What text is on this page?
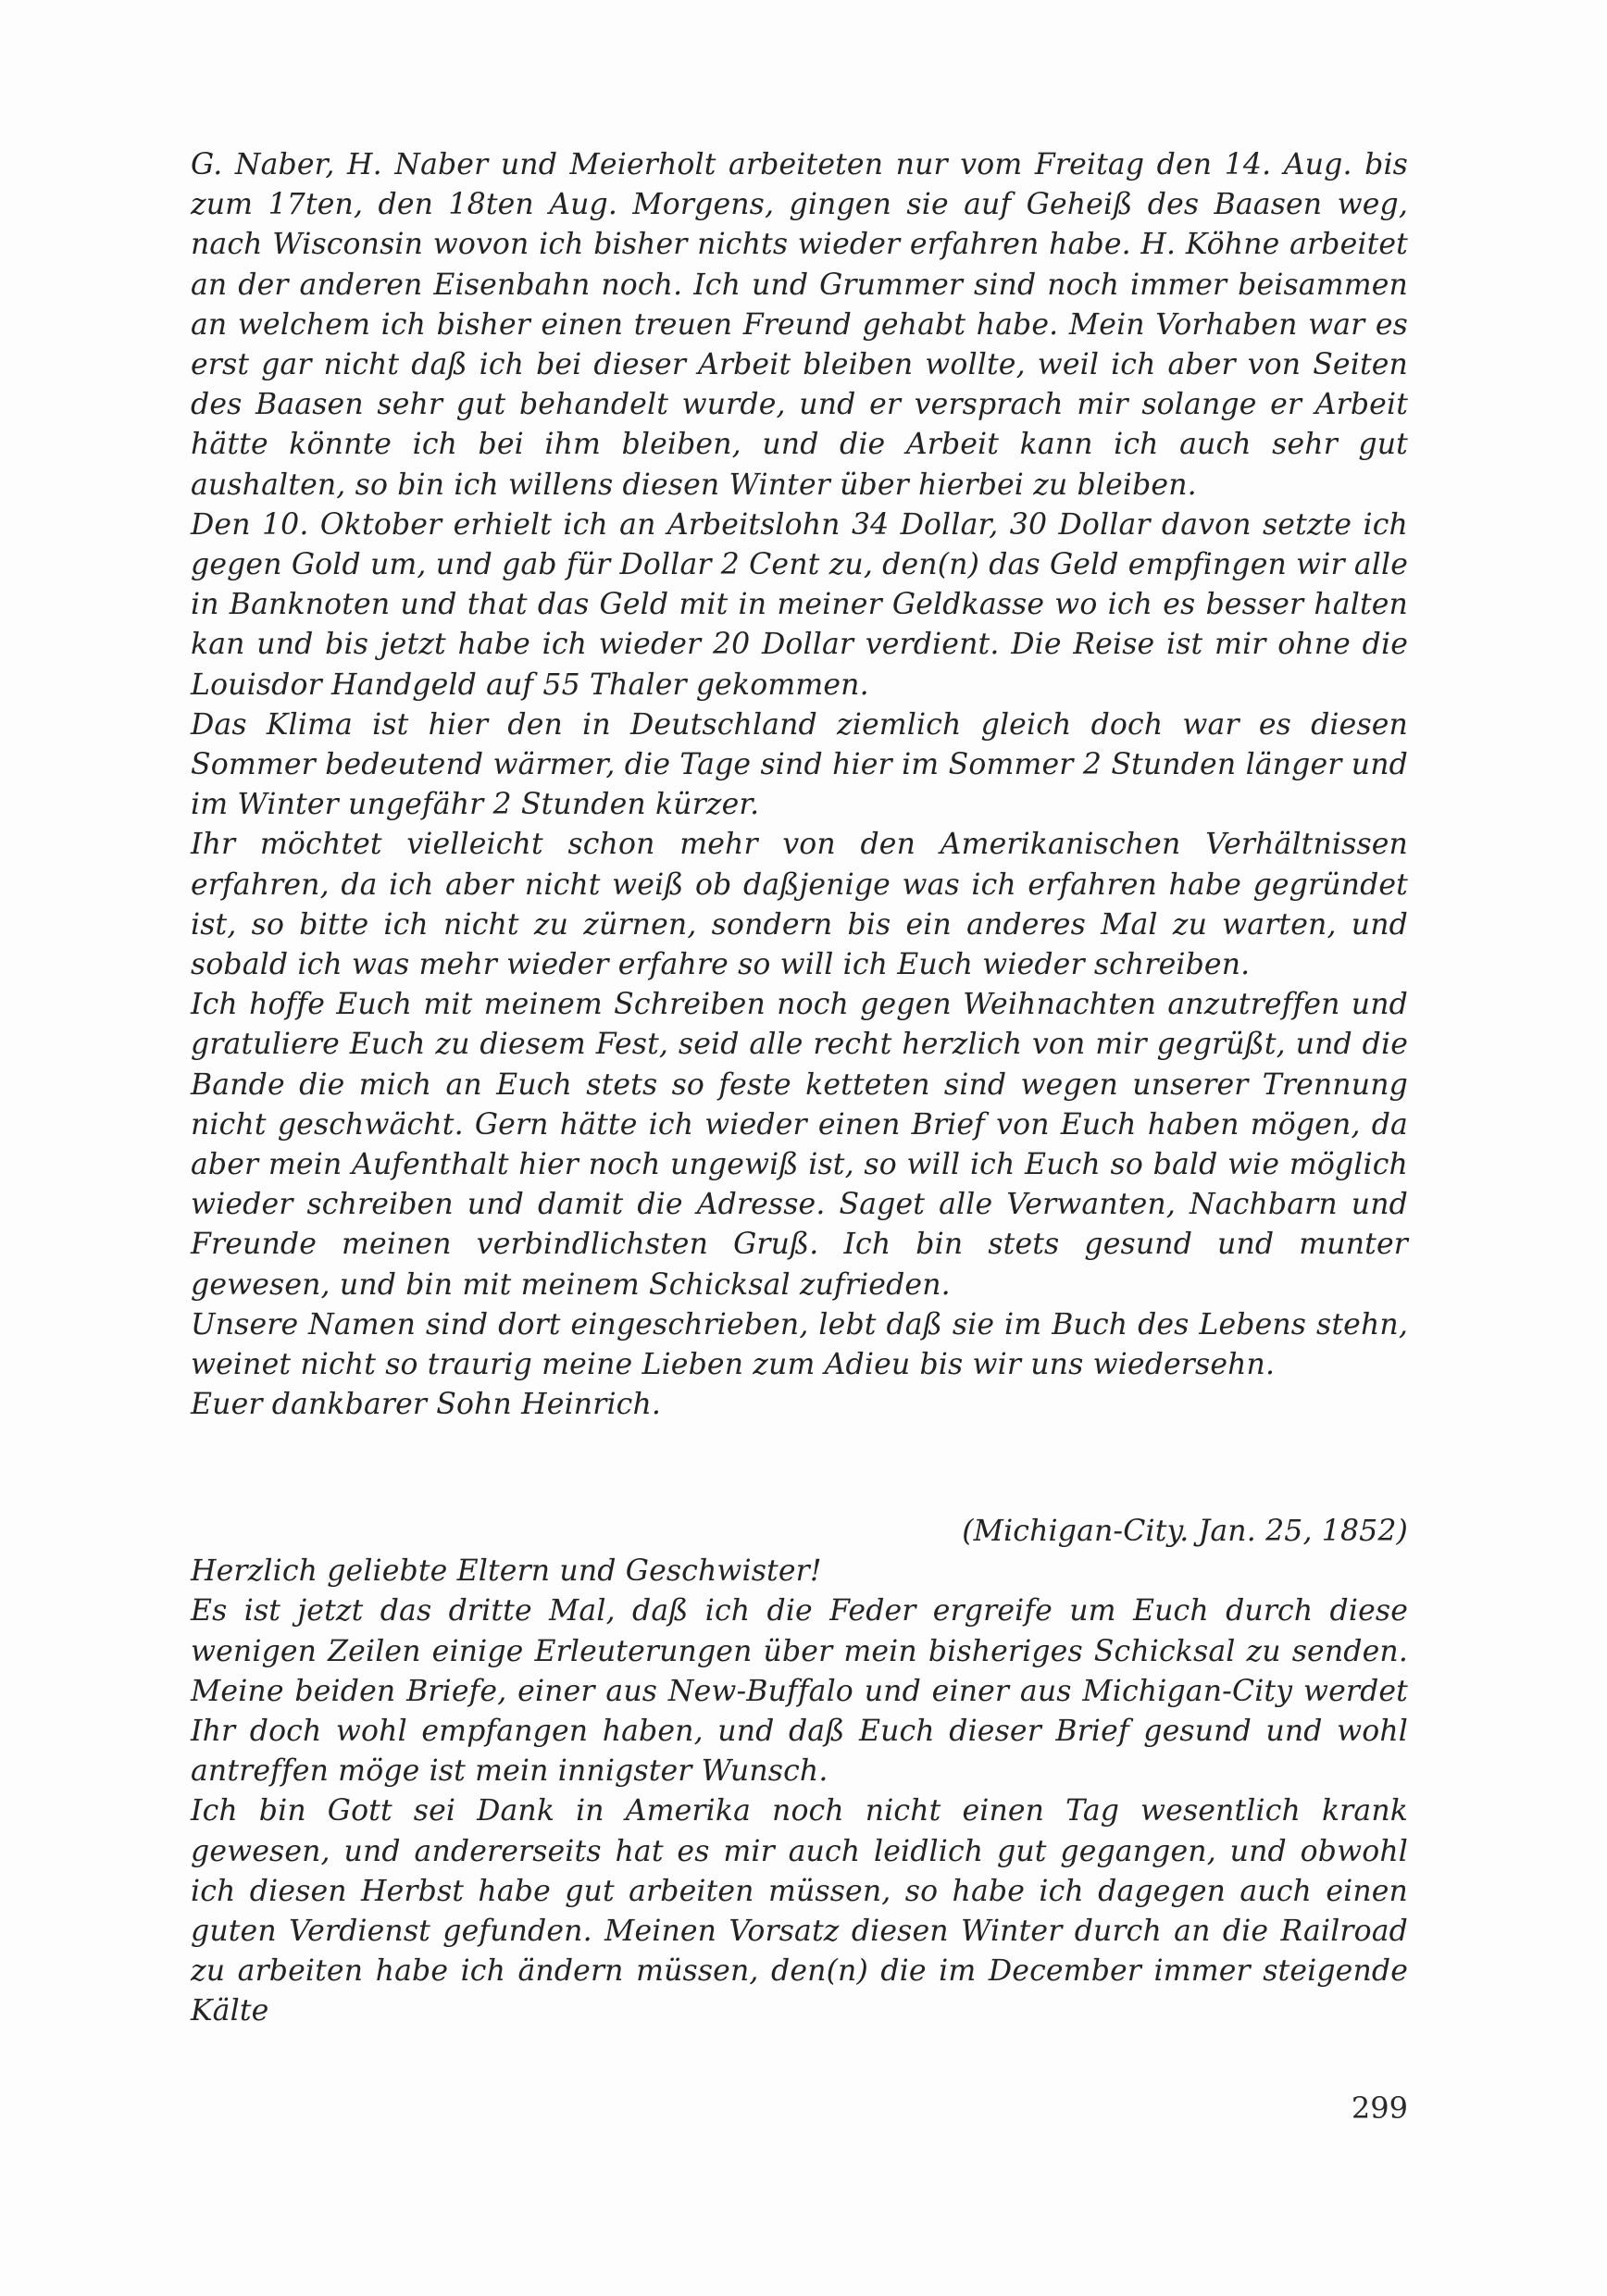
G. Naber, H. Naber und Meierholt arbeiteten nur vom Freitag den 14. Aug. bis zum 17ten, den 18ten Aug. Morgens, gingen sie auf Geheiß des Baasen weg, nach Wisconsin wovon ich bisher nichts wieder erfahren habe. H. Köhne arbeitet an der anderen Eisenbahn noch. Ich und Grummer sind noch immer beisammen an welchem ich bisher einen treuen Freund gehabt habe. Mein Vorhaben war es erst gar nicht daß ich bei dieser Arbeit bleiben wollte, weil ich aber von Seiten des Baasen sehr gut behandelt wurde, und er versprach mir solange er Arbeit hätte könnte ich bei ihm bleiben, und die Arbeit kann ich auch sehr gut aushalten, so bin ich willens diesen Winter über hierbei zu bleiben.

Den 10. Oktober erhielt ich an Arbeitslohn 34 Dollar, 30 Dollar davon setzte ich gegen Gold um, und gab für Dollar 2 Cent zu, den(n) das Geld empfingen wir alle in Banknoten und that das Geld mit in meiner Geldkasse wo ich es besser halten kan und bis jetzt habe ich wieder 20 Dollar verdient. Die Reise ist mir ohne die Louisdor Handgeld auf 55 Thaler gekommen.

Das Klima ist hier den in Deutschland ziemlich gleich doch war es diesen Sommer bedeutend wärmer, die Tage sind hier im Sommer 2 Stunden länger und im Winter ungefähr 2 Stunden kürzer.

Ihr möchtet vielleicht schon mehr von den Amerikanischen Verhältnissen erfahren, da ich aber nicht weiß ob daßjenige was ich erfahren habe gegründet ist, so bitte ich nicht zu zürnen, sondern bis ein anderes Mal zu warten, und sobald ich was mehr wieder erfahre so will ich Euch wieder schreiben.

Ich hoffe Euch mit meinem Schreiben noch gegen Weihnachten anzutreffen und gratuliere Euch zu diesem Fest, seid alle recht herzlich von mir gegrüßt, und die Bande die mich an Euch stets so feste ketteten sind wegen unserer Trennung nicht geschwächt. Gern hätte ich wieder einen Brief von Euch haben mögen, da aber mein Aufenthalt hier noch ungewiß ist, so will ich Euch so bald wie möglich wieder schreiben und damit die Adresse. Saget alle Verwanten, Nachbarn und Freunde meinen verbindlichsten Gruß. Ich bin stets gesund und munter gewesen, und bin mit meinem Schicksal zufrieden.

Unsere Namen sind dort eingeschrieben, lebt daß sie im Buch des Lebens stehn, weinet nicht so traurig meine Lieben zum Adieu bis wir uns wiedersehn.

Euer dankbarer Sohn Heinrich.

(Michigan-City. Jan. 25, 1852)

Herzlich geliebte Eltern und Geschwister!

Es ist jetzt das dritte Mal, daß ich die Feder ergreife um Euch durch diese wenigen Zeilen einige Erleuterungen über mein bisheriges Schicksal zu senden. Meine beiden Briefe, einer aus New-Buffalo und einer aus Michigan-City werdet Ihr doch wohl empfangen haben, und daß Euch dieser Brief gesund und wohl antreffen möge ist mein innigster Wunsch.

Ich bin Gott sei Dank in Amerika noch nicht einen Tag wesentlich krank gewesen, und andererseits hat es mir auch leidlich gut gegangen, und obwohl ich diesen Herbst habe gut arbeiten müssen, so habe ich dagegen auch einen guten Verdienst gefunden. Meinen Vorsatz diesen Winter durch an die Railroad zu arbeiten habe ich ändern müssen, den(n) die im December immer steigende Kälte

299
